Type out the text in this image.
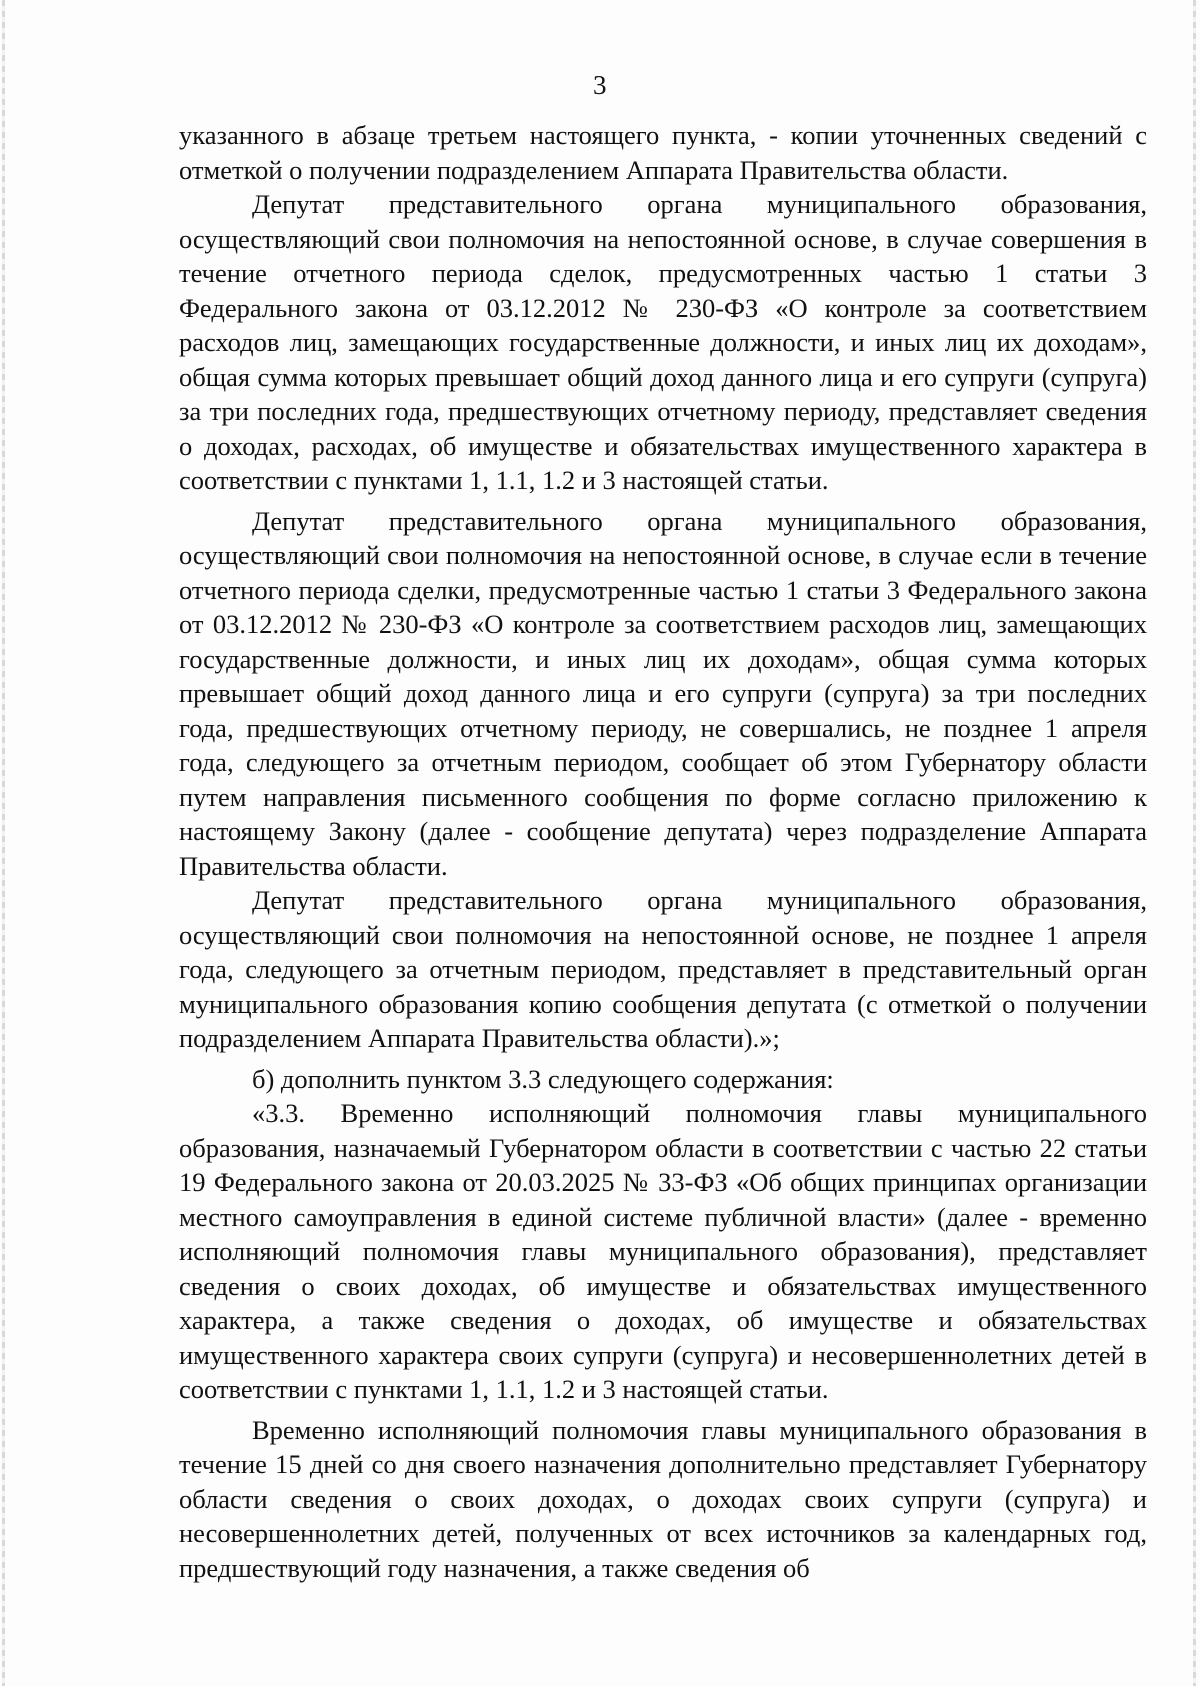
3

указанного в абзаце третьем настоящего пункта, - копии уточненных сведений с отметкой о получении подразделением Аппарата Правительства области.

Депутат представительного органа муниципального образования, осуществляющий свои полномочия на непостоянной основе, в случае совершения в течение отчетного периода сделок, предусмотренных частью 1 статьи 3 Федерального закона от 03.12.2012 № 230-ФЗ «О контроле за соответствием расходов лиц, замещающих государственные должности, и иных лиц их доходам», общая сумма которых превышает общий доход данного лица и его супруги (супруга) за три последних года, предшествующих отчетному периоду, представляет сведения о доходах, расходах, об имуществе и обязательствах имущественного характера в соответствии с пунктами 1, 1.1, 1.2 и 3 настоящей статьи.

Депутат представительного органа муниципального образования, осуществляющий свои полномочия на непостоянной основе, в случае если в течение отчетного периода сделки, предусмотренные частью 1 статьи 3 Федерального закона от 03.12.2012 № 230-ФЗ «О контроле за соответствием расходов лиц, замещающих государственные должности, и иных лиц их доходам», общая сумма которых превышает общий доход данного лица и его супруги (супруга) за три последних года, предшествующих отчетному периоду, не совершались, не позднее 1 апреля года, следующего за отчетным периодом, сообщает об этом Губернатору области путем направления письменного сообщения по форме согласно приложению к настоящему Закону (далее - сообщение депутата) через подразделение Аппарата Правительства области.

Депутат представительного органа муниципального образования, осуществляющий свои полномочия на непостоянной основе, не позднее 1 апреля года, следующего за отчетным периодом, представляет в представительный орган муниципального образования копию сообщения депутата (с отметкой о получении подразделением Аппарата Правительства области).»;

б) дополнить пунктом 3.3 следующего содержания:

«3.3. Временно исполняющий полномочия главы муниципального образования, назначаемый Губернатором области в соответствии с частью 22 статьи 19 Федерального закона от 20.03.2025 № 33-ФЗ «Об общих принципах организации местного самоуправления в единой системе публичной власти» (далее - временно исполняющий полномочия главы муниципального образования), представляет сведения о своих доходах, об имуществе и обязательствах имущественного характера, а также сведения о доходах, об имуществе и обязательствах имущественного характера своих супруги (супруга) и несовершеннолетних детей в соответствии с пунктами 1, 1.1, 1.2 и 3 настоящей статьи.

Временно исполняющий полномочия главы муниципального образования в течение 15 дней со дня своего назначения дополнительно представляет Губернатору области сведения о своих доходах, о доходах своих супруги (супруга) и несовершеннолетних детей, полученных от всех источников за календарных год, предшествующий году назначения, а также сведения об
